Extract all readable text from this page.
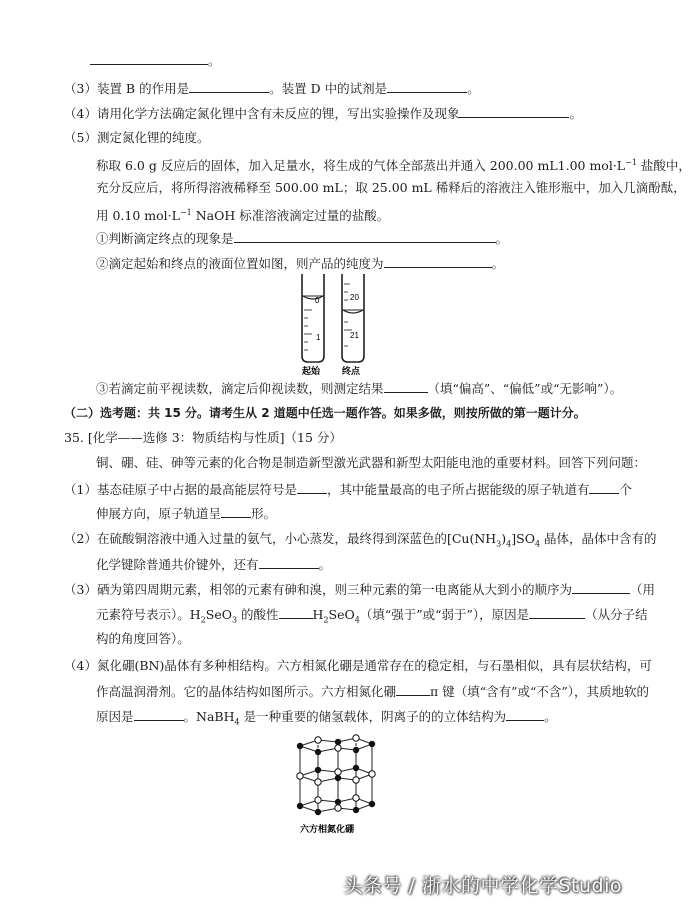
。
（3）装置 B 的作用是	。装置 D 中的试剂是	。
（4）请用化学方法确定氮化锂中含有未反应的锂，写出实验操作及现象	。
（5）测定氮化锂的纯度。
称取 6.0 g 反应后的固体，加入足量水，将生成的气体全部蒸出并通入 200.00 mL1.00 $mol\cdot L^{-1}$ 盐酸中，
充分反应后，将所得溶液稀释至 500.00 mL；取 25.00 mL 稀释后的溶液注入锥形瓶中，加入几滴酚酞，
用 0.10 $mol\cdot L^{-1}$ NaOH 标准溶液滴定过量的盐酸。
①判断滴定终点的现象是	。
②滴定起始和终点的液面位置如图，则产品的纯度为	。
0
1
20
21
起始 终点
③若滴定前平视读数，滴定后仰视读数，则测定结果	（填“偏高”、“偏低”或“无影响”）。
（二）选考题：共 15 分。请考生从 2 道题中任选一题作答。如果多做，则按所做的第一题计分。
35. [化学——选修 3：物质结构与性质]（15 分）
铜、硼、硅、砷等元素的化合物是制造新型激光武器和新型太阳能电池的重要材料。回答下列问题：
（1）基态硅原子中占据的最高能层符号是 ，其中能量最高的电子所占据能级的原子轨道有 个
伸展方向，原子轨道呈 形。
（2）在硫酸铜溶液中通入过量的氨气，小心蒸发，最终得到深蓝色的$[Cu(NH_3)_4]SO_4$ 晶体，晶体中含有的
化学键除普通共价键外，还有	。
（3）硒为第四周期元素，相邻的元素有砷和溴，则三种元素的第一电离能从大到小的顺序为	（用
元素符号表示）。$H_2SeO_3$ 的酸性	$H_2SeO_4$（填“强于”或“弱于”），原因是	（从分子结
构的角度回答）。
（4）氮化硼(BN)晶体有多种相结构。六方相氮化硼是通常存在的稳定相，与石墨相似，具有层状结构，可
作高温润滑剂。它的晶体结构如图所示。六方相氮化硼	π 键（填“含有”或“不含”），其质地软的
原因是	。NaBH$_4$ 是一种重要的储氢载体，阴离子的的立体结构为	。
六方相氮化硼
头条号 / 浙水的中学化学Studio
